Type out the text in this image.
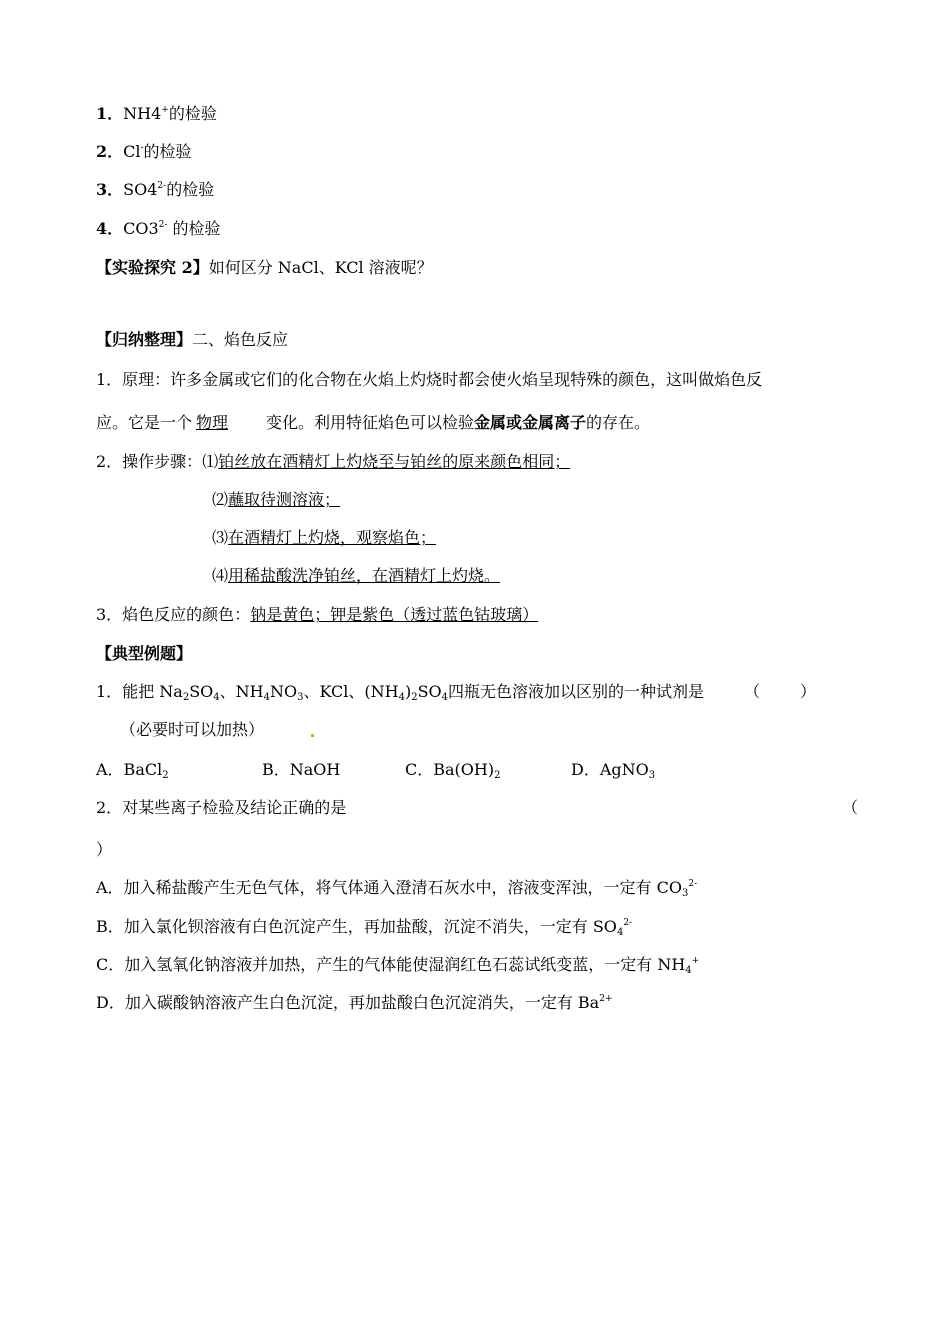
1．NH4+的检验
2．Cl-的检验
3．$SO4^{2-}$的检验
4．$CO3^{2-}$ 的检验
【实验探究 2】如何区分 NaCl、KCl 溶液呢？
【归纳整理】二、焰色反应
1．原理：许多金属或它们的化合物在火焰上灼烧时都会使火焰呈现特殊的颜色，这叫做焰色反
应。它是一个 物理 变化。利用特征焰色可以检验金属或金属离子的存在。
2．操作步骤：⑴铂丝放在酒精灯上灼烧至与铂丝的原来颜色相同；
⑵蘸取待测溶液；
⑶在酒精灯上灼烧，观察焰色；
⑷用稀盐酸洗净铂丝，在酒精灯上灼烧。
3．焰色反应的颜色：钠是黄色；钾是紫色（透过蓝色钴玻璃）
【典型例题】
1．能把 $Na_2SO_4$、$NH_4NO_3$、KCl、$(NH_4)_2SO_4$四瓶无色溶液加以区别的一种试剂是 （	）
（必要时可以加热）
A．BaCl$_2$	B．NaOH	C．$Ba(OH)_2$	D．AgNO$_3$
2．对某些离子检验及结论正确的是	（
）
A．加入稀盐酸产生无色气体，将气体通入澄清石灰水中，溶液变浑浊，一定有 $CO_3^{2-}$
B．加入氯化钡溶液有白色沉淀产生，再加盐酸，沉淀不消失，一定有 $SO_4^{2-}$
C．加入氢氧化钠溶液并加热，产生的气体能使湿润红色石蕊试纸变蓝，一定有 $NH_4^+$
D．加入碳酸钠溶液产生白色沉淀，再加盐酸白色沉淀消失，一定有 $Ba^{2+}$
